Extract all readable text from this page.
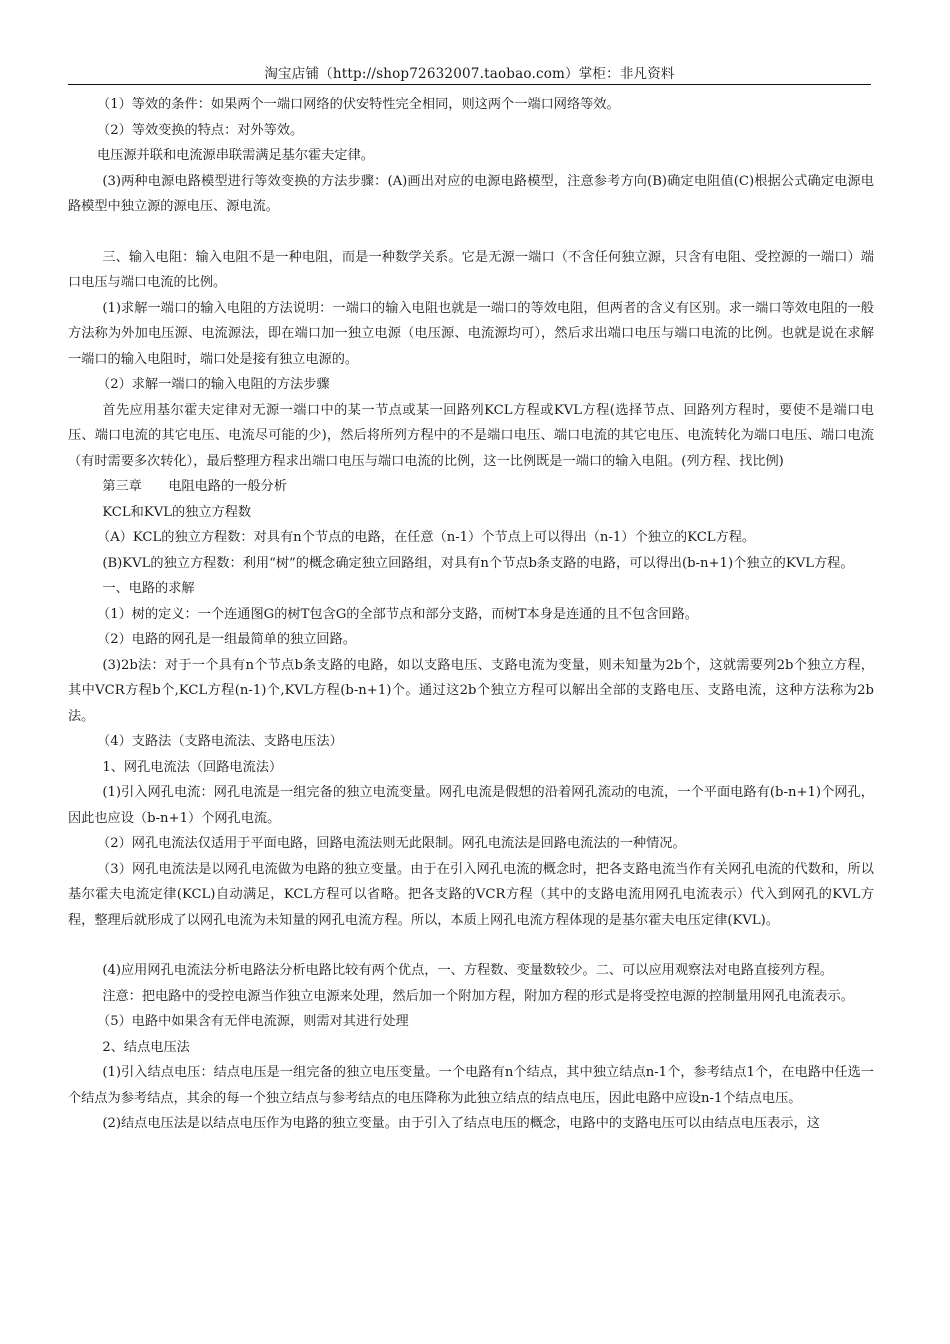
淘宝店铺（http://shop72632007.taobao.com）掌柜：非凡资料

（1）等效的条件：如果两个一端口网络的伏安特性完全相同，则这两个一端口网络等效。

（2）等效变换的特点：对外等效。

电压源并联和电流源串联需满足基尔霍夫定律。

(3)两种电源电路模型进行等效变换的方法步骤：(A)画出对应的电源电路模型，注意参考方向(B)确定电阻值(C)根据公式确定电源电路模型中独立源的源电压、源电流。

三、输入电阻：输入电阻不是一种电阻，而是一种数学关系。它是无源一端口（不含任何独立源，只含有电阻、受控源的一端口）端口电压与端口电流的比例。

(1)求解一端口的输入电阻的方法说明：一端口的输入电阻也就是一端口的等效电阻，但两者的含义有区别。求一端口等效电阻的一般方法称为外加电压源、电流源法，即在端口加一独立电源（电压源、电流源均可），然后求出端口电压与端口电流的比例。也就是说在求解一端口的输入电阻时，端口处是接有独立电源的。

（2）求解一端口的输入电阻的方法步骤

首先应用基尔霍夫定律对无源一端口中的某一节点或某一回路列KCL方程或KVL方程(选择节点、回路列方程时，要使不是端口电压、端口电流的其它电压、电流尽可能的少)，然后将所列方程中的不是端口电压、端口电流的其它电压、电流转化为端口电压、端口电流（有时需要多次转化），最后整理方程求出端口电压与端口电流的比例，这一比例既是一端口的输入电阻。(列方程、找比例)

第三章　　电阻电路的一般分析

KCL和KVL的独立方程数

（A）KCL的独立方程数：对具有n个节点的电路，在任意（n-1）个节点上可以得出（n-1）个独立的KCL方程。

(B)KVL的独立方程数：利用“树”的概念确定独立回路组，对具有n个节点b条支路的电路，可以得出(b-n+1)个独立的KVL方程。

一、电路的求解

（1）树的定义：一个连通图G的树T包含G的全部节点和部分支路，而树T本身是连通的且不包含回路。

（2）电路的网孔是一组最简单的独立回路。

(3)2b法：对于一个具有n个节点b条支路的电路，如以支路电压、支路电流为变量，则未知量为2b个，这就需要列2b个独立方程，其中VCR方程b个,KCL方程(n-1)个,KVL方程(b-n+1)个。通过这2b个独立方程可以解出全部的支路电压、支路电流，这种方法称为2b法。

（4）支路法（支路电流法、支路电压法）

1、网孔电流法（回路电流法）

(1)引入网孔电流：网孔电流是一组完备的独立电流变量。网孔电流是假想的沿着网孔流动的电流，一个平面电路有(b-n+1)个网孔，因此也应设（b-n+1）个网孔电流。

（2）网孔电流法仅适用于平面电路，回路电流法则无此限制。网孔电流法是回路电流法的一种情况。

（3）网孔电流法是以网孔电流做为电路的独立变量。由于在引入网孔电流的概念时，把各支路电流当作有关网孔电流的代数和，所以基尔霍夫电流定律(KCL)自动满足，KCL方程可以省略。把各支路的VCR方程（其中的支路电流用网孔电流表示）代入到网孔的KVL方程，整理后就形成了以网孔电流为未知量的网孔电流方程。所以，本质上网孔电流方程体现的是基尔霍夫电压定律(KVL)。

(4)应用网孔电流法分析电路法分析电路比较有两个优点，一、方程数、变量数较少。二、可以应用观察法对电路直接列方程。

注意：把电路中的受控电源当作独立电源来处理，然后加一个附加方程，附加方程的形式是将受控电源的控制量用网孔电流表示。

（5）电路中如果含有无伴电流源，则需对其进行处理

2、结点电压法

(1)引入结点电压：结点电压是一组完备的独立电压变量。一个电路有n个结点，其中独立结点n-1个，参考结点1个，在电路中任选一个结点为参考结点，其余的每一个独立结点与参考结点的电压降称为此独立结点的结点电压，因此电路中应设n-1个结点电压。

(2)结点电压法是以结点电压作为电路的独立变量。由于引入了结点电压的概念，电路中的支路电压可以由结点电压表示，这
